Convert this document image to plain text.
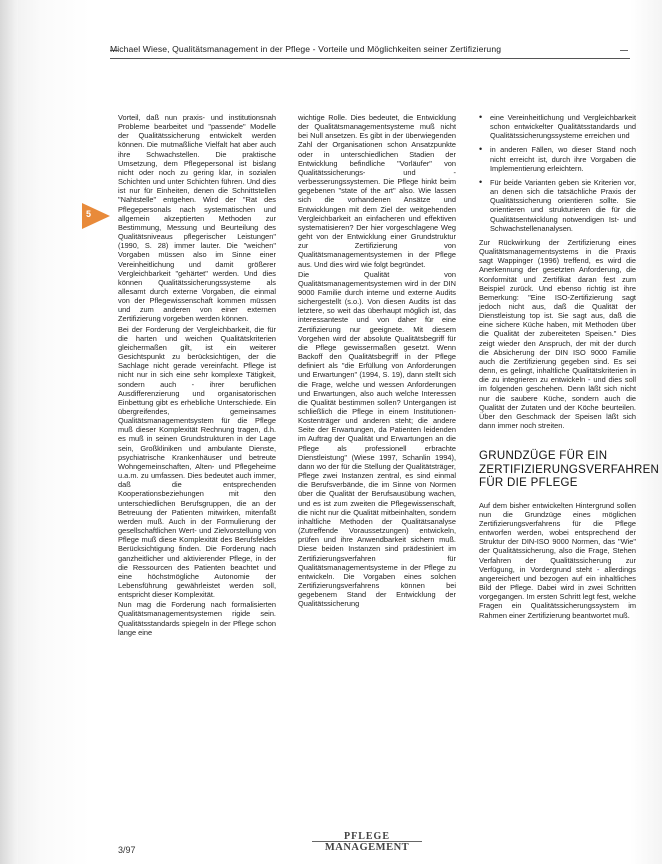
Michael Wiese, Qualitätsmanagement in der Pflege - Vorteile und Möglichkeiten seiner Zertifizierung
5

Vorteil, daß nun praxis- und institutionsnah Probleme bearbeitet und "passende" Modelle der Qualitätssicherung entwickelt werden können. Die mutmaßliche Vielfalt hat aber auch ihre Schwachstellen. Die praktische Umsetzung, dem Pflegepersonal ist bislang nicht oder noch zu gering klar, in sozialen Schichten und unter Schichten führen. Und dies ist nur für Einheiten, denen die Schnittstellen "Nahtstelle" entgehen. Wird der "Rat des Pflegepersonals nach systematischen und allgemein akzeptierten Methoden zur Bestimmung, Messung und Beurteilung des Qualitätsniveaus pflegerischer Leistungen" (1990, S. 28) immer lauter. Die "weichen" Vorgaben müssen also im Sinne einer Vereinheitlichung und damit größerer Vergleichbarkeit "gehärtet" werden. Und dies können Qualitätssicherungssysteme als allesamt durch externe Vorgaben, die einmal von der Pflegewissenschaft kommen müssen und zum anderen von einer externen Zertifizierung vorgeben werden können.

Bei der Forderung der Vergleichbarkeit, die für die harten und weichen Qualitätskriterien gleichermaßen gilt, ist ein weiterer Gesichtspunkt zu berücksichtigen, der die Sachlage nicht gerade vereinfacht. Pflege ist nicht nur in sich eine sehr komplexe Tätigkeit, sondern auch - ihrer beruflichen Ausdifferenzierung und organisatorischen Einbettung gibt es erhebliche Unterschiede. Ein übergreifendes, gemeinsames Qualitätsmanagementsystem für die Pflege muß dieser Komplexität Rechnung tragen, d.h. es muß in seinen Grundstrukturen in der Lage sein, Großkliniken und ambulante Dienste, psychiatrische Krankenhäuser und betreute Wohngemeinschaften, Alten- und Pflegeheime u.a.m. zu umfassen. Dies bedeutet auch immer, daß die entsprechenden Kooperationsbeziehungen mit den unterschiedlichen Berufsgruppen, die an der Betreuung der Patienten mitwirken, mitenfaßt werden muß. Auch in der Formulierung der gesellschaftlichen Wert- und Zielvorstellung von Pflege muß diese Komplexität des Berufsfeldes Berücksichtigung finden. Die Forderung nach ganzheitlicher und aktivierender Pflege, in der die Ressourcen des Patienten beachtet und eine höchstmögliche Autonomie der Lebensführung gewährleistet werden soll, entspricht dieser Komplexität.

Nun mag die Forderung nach formalisierten Qualitätsmanagementsystemen rigide sein. Qualitätsstandards spiegeln in der Pflege schon lange eine

wichtige Rolle. Dies bedeutet, die Entwicklung der Qualitätsmanagementsysteme muß nicht bei Null ansetzen. Es gibt in der überwiegenden Zahl der Organisationen schon Ansatzpunkte oder in unterschiedlichen Stadien der Entwicklung befindliche "Vorläufer" von Qualitätssicherungs- und -verbesserungssystemen. Die Pflege hinkt beim gegebenen "state of the art" also. Wie lassen sich die vorhandenen Ansätze und Entwicklungen mit dem Ziel der weitgehenden Vergleichbarkeit an einfacheren und effektiven systematisieren? Der hier vorgeschlagene Weg geht von der Entwicklung einer Grundstruktur zur Zertifizierung von Qualitätsmanagementsystemen in der Pflege aus. Und dies wird wie folgt begründet.

Die Qualität von Qualitätsmanagementsystemen wird in der DIN 9000 Familie durch interne und externe Audits sichergestellt (s.o.). Von diesen Audits ist das letztere, so weit das überhaupt möglich ist, das interessanteste und von daher für eine Zertifizierung nur geeignete. Mit diesem Vorgehen wird der absolute Qualitätsbegriff für die Pflege gewissermaßen gesetzt. Wenn Backoff den Qualitätsbegriff in der Pflege definiert als "die Erfüllung von Anforderungen und Erwartungen" (1994, S. 19), dann stellt sich die Frage, welche und wessen Anforderungen und Erwartungen, also auch welche Interessen die Qualität bestimmen sollen? Untergangen ist schließlich die Pflege in einem Institutionen-Kostenträger und anderen steht; die andere Seite der Erwartungen, da Patienten leidenden im Auftrag der Qualität und Erwartungen an die Pflege als professionell erbrachte Dienstleistung" (Wiese 1997, Schanlin 1994), dann wo der für die Stellung der Qualitätsträger, Pflege zwei Instanzen zentral, es sind einmal die Berufsverbände, die im Sinne von Normen über die Qualität der Berufsausübung wachen, und es ist zum zweiten die Pflegewissenschaft, die nicht nur die Qualität mitbeinhalten, sondern inhaltliche Methoden der Qualitätsanalyse (Zutreffende Voraussetzungen) entwickeln, prüfen und ihre Anwendbarkeit sichern muß. Diese beiden Instanzen sind prädestiniert im Zertifizierungsverfahren für Qualitätsmanagementsysteme in der Pflege zu entwickeln. Die Vorgaben eines solchen Zertifizierungsverfahrens können bei gegebenem Stand der Entwicklung der Qualitätssicherung

•	eine Vereinheitlichung und Vergleichbarkeit schon entwickelter Qualitätsstandards und Qualitätssicherungssysteme erreichen und
•	in anderen Fällen, wo dieser Stand noch nicht erreicht ist, durch ihre Vorgaben die Implementierung erleichtern.
•	Für beide Varianten geben sie Kriterien vor, an denen sich die tatsächliche Praxis der Qualitätssicherung orientieren sollte. Sie orientieren und strukturieren die für die Qualitätsentwicklung notwendigen Ist- und Schwachstellenanalysen.

Zur Rückwirkung der Zertifizierung eines Qualitätsmanagementsystems in die Praxis sagt Wappinger (1996) treffend, es wird die Anerkennung der gesetzten Anforderung, die Konformität und Zertifikat daran fest zum Beispiel zurück. Und ebenso richtig ist ihre Bemerkung: "Eine ISO-Zertifizierung sagt jedoch nicht aus, daß die Qualität der Dienstleistung top ist. Sie sagt aus, daß die eine sichere Küche haben, mit Methoden über die Qualität der zubereiteten Speisen." Dies zeigt wieder den Anspruch, der mit der durch die Absicherung der DIN ISO 9000 Familie auch die Zertifizierung gegeben sind. Es sei denn, es gelingt, inhaltliche Qualitätskriterien in die zu integrieren zu entwickeln - und dies soll im folgenden geschehen. Denn läßt sich nicht nur die saubere Küche, sondern auch die Qualität der Zutaten und der Köche beurteilen. Über den Geschmack der Speisen läßt sich dann immer noch streiten.

GRUNDZÜGE FÜR EIN ZERTIFIZIERUNGSVERFAHREN FÜR DIE PFLEGE

Auf dem bisher entwickelten Hintergrund sollen nun die Grundzüge eines möglichen Zertifizierungsverfahrens für die Pflege entworfen werden, wobei entsprechend der Struktur der DIN-ISO 9000 Normen, das "Wie" der Qualitätssicherung, also die Frage, Stehen Verfahren der Qualitätssicherung zur Verfügung, in Vordergrund steht - allerdings angereichert und bezogen auf ein inhaltliches Bild der Pflege. Dabei wird in zwei Schritten vorgegangen. Im ersten Schritt legt fest, welche Fragen ein Qualitätssicherungssystem im Rahmen einer Zertifizierung beantwortet muß.

3/97
PFLEGE
MANAGEMENT
